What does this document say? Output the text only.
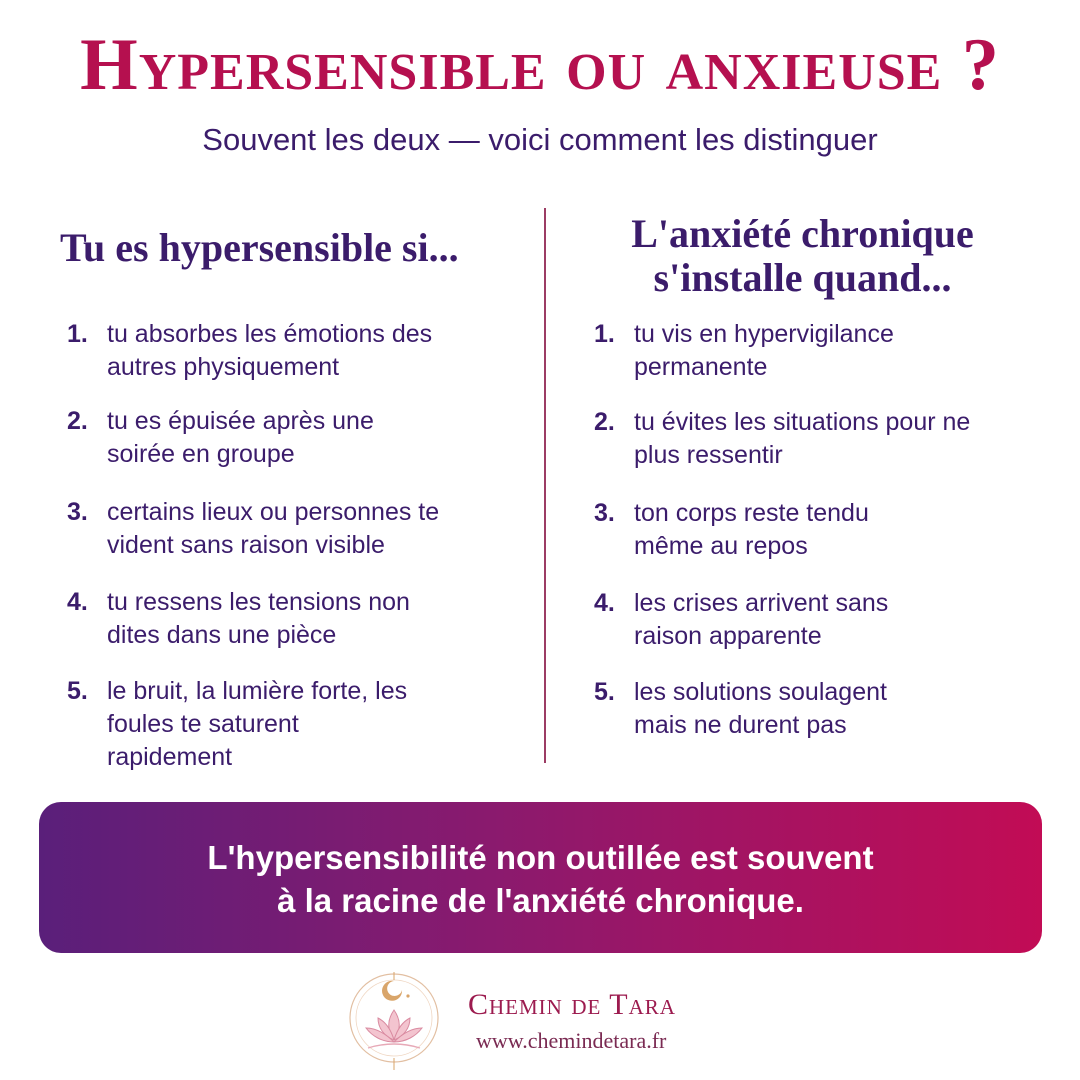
Hypersensible ou anxieuse ?
Souvent les deux — voici comment les distinguer
Tu es hypersensible si...	L'anxiété chronique s'installe quand...
1. tu absorbes les émotions des autres physiquement
2. tu es épuisée après une soirée en groupe
3. certains lieux ou personnes te vident sans raison visible
4. tu ressens les tensions non dites dans une pièce
5. le bruit, la lumière forte, les foules te saturent rapidement
1. tu vis en hypervigilance permanente
2. tu évites les situations pour ne plus ressentir
3. ton corps reste tendu même au repos
4. les crises arrivent sans raison apparente
5. les solutions soulagent mais ne durent pas
L'hypersensibilité non outillée est souvent
à la racine de l'anxiété chronique.
Chemin de Tara
www.chemindetara.fr
